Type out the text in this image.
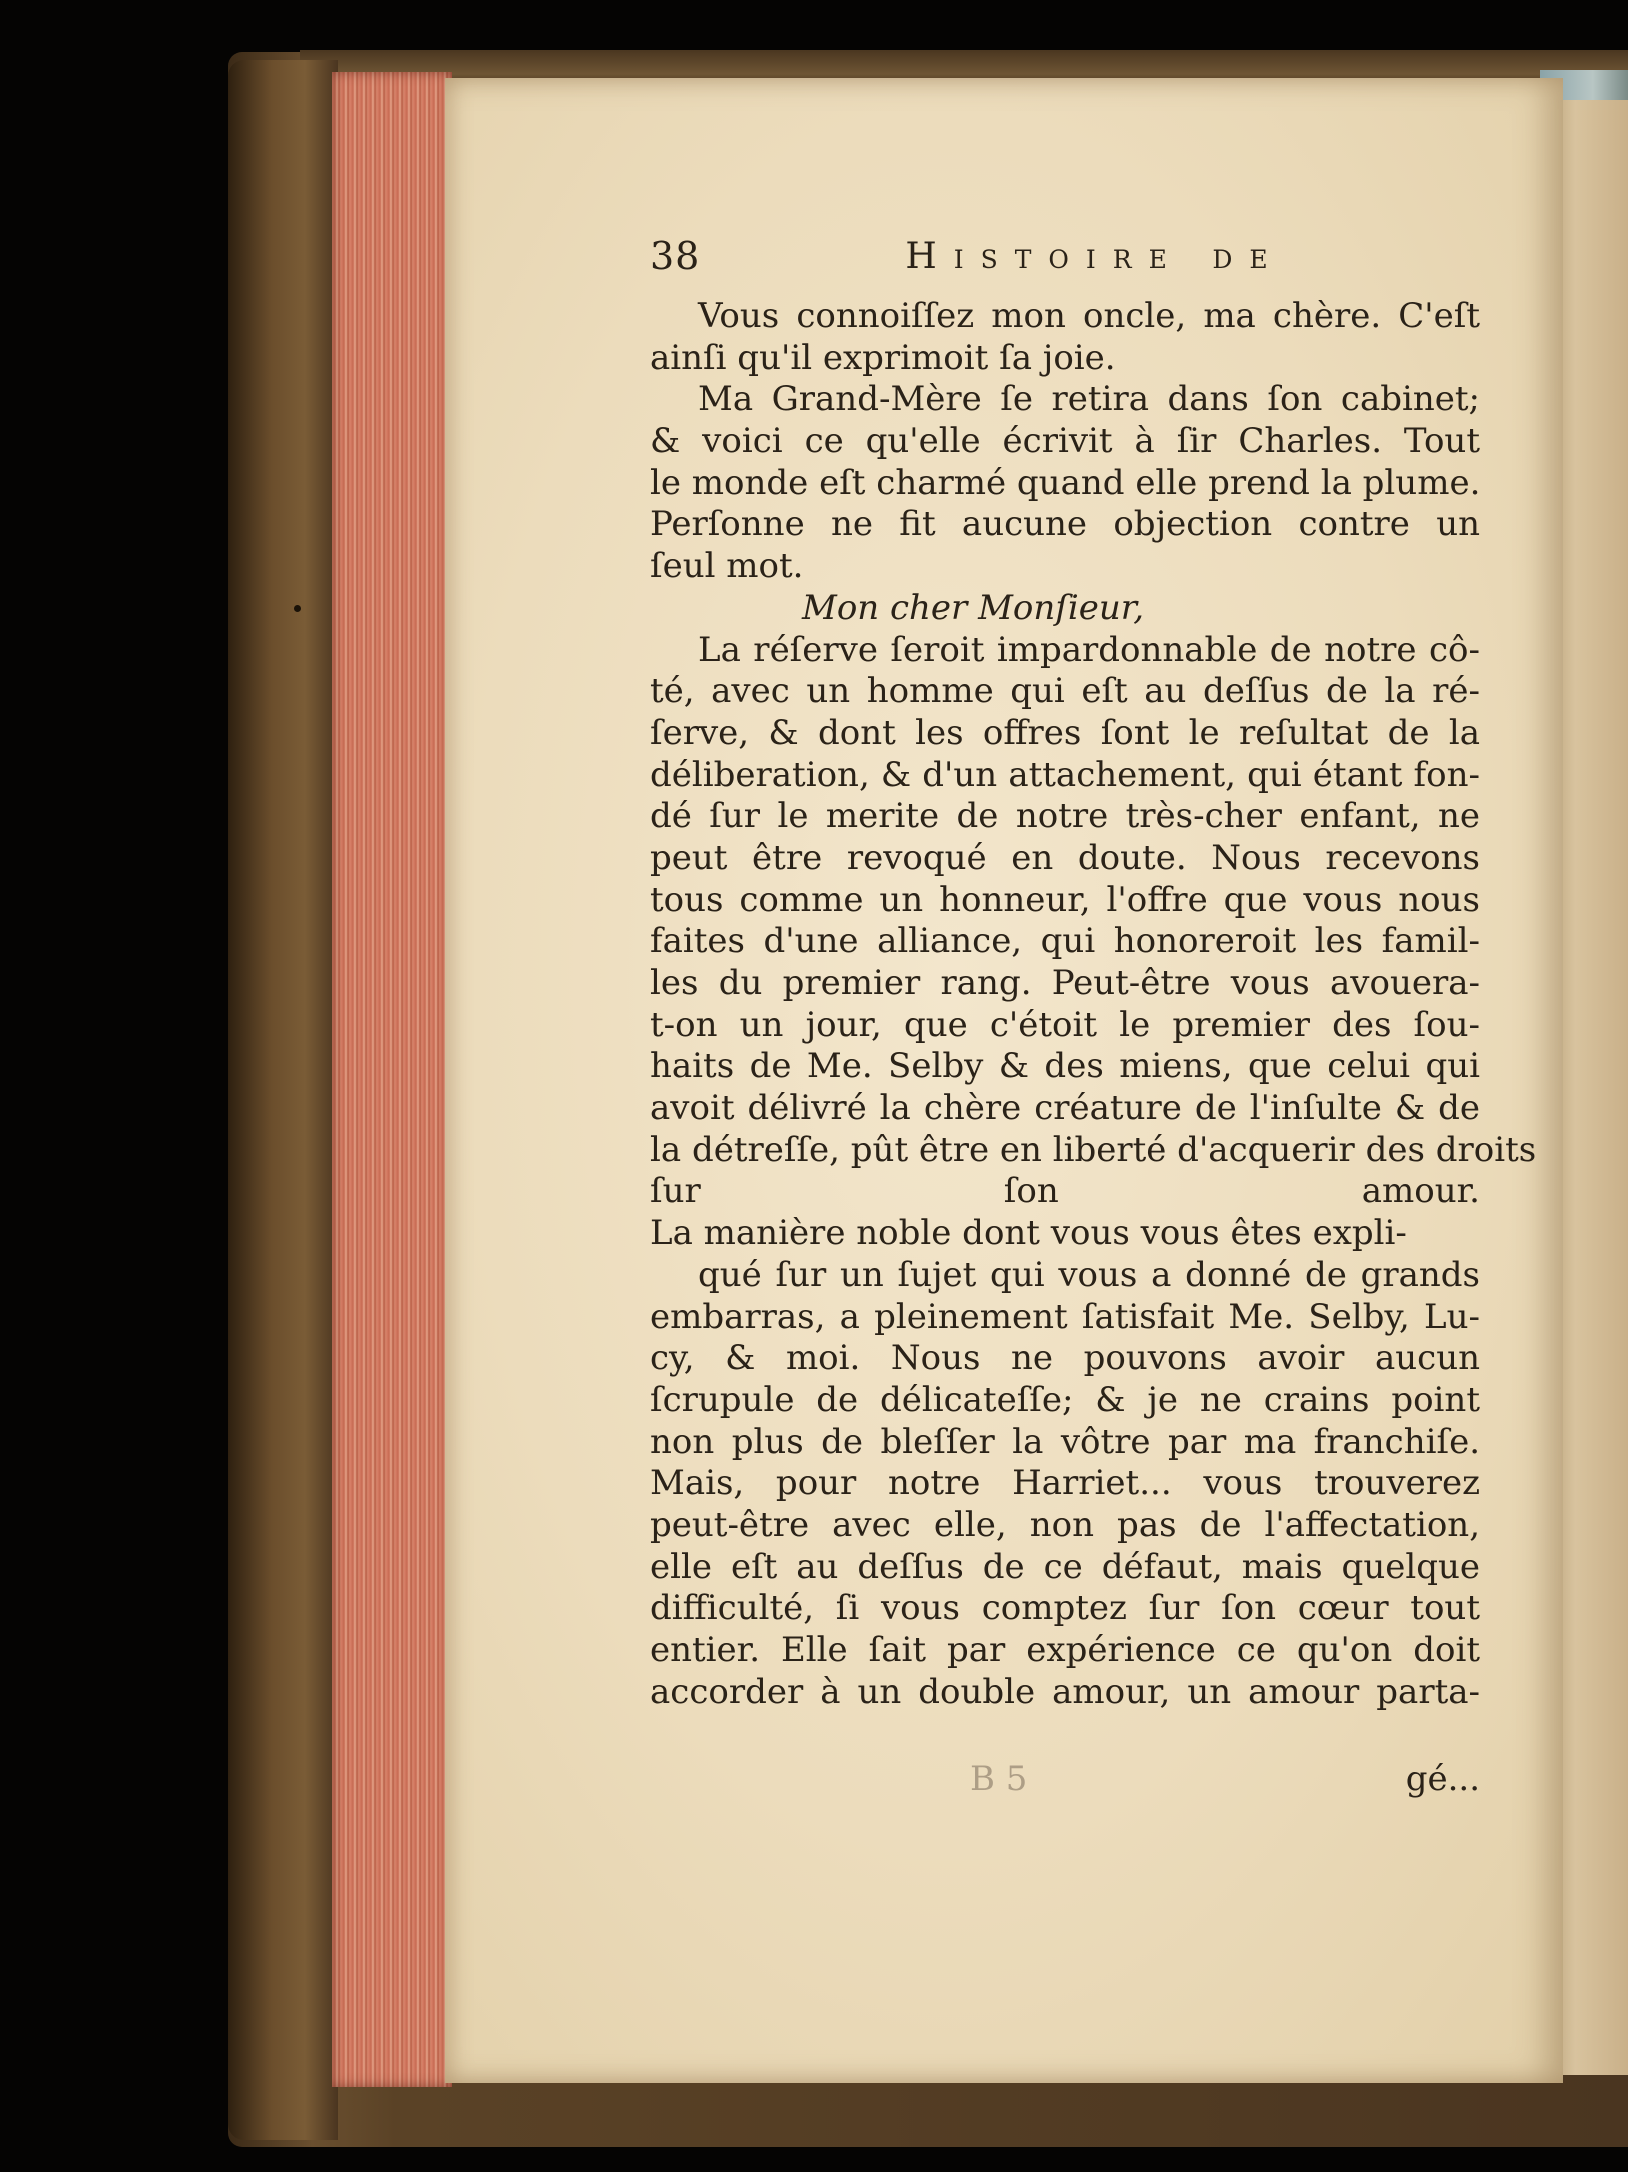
38	Histoire de
Vous connoiſſez mon oncle, ma chère. C'eſt
ainſi qu'il exprimoit ſa joie.
Ma Grand-Mère ſe retira dans ſon cabinet;
& voici ce qu'elle écrivit à ſir Charles. Tout
le monde eſt charmé quand elle prend la plume.
Perſonne ne fit aucune objection contre un
ſeul mot.
Mon cher Monſieur,
La réſerve ſeroit impardonnable de notre cô-
té, avec un homme qui eſt au deſſus de la ré-
ſerve, & dont les offres ſont le reſultat de la
déliberation, & d'un attachement, qui étant fon-
dé ſur le merite de notre très-cher enfant, ne
peut être revoqué en doute. Nous recevons
tous comme un honneur, l'offre que vous nous
faites d'une alliance, qui honoreroit les famil-
les du premier rang. Peut-être vous avouera-
t-on un jour, que c'étoit le premier des ſou-
haits de Me. Selby & des miens, que celui qui
avoit délivré la chère créature de l'inſulte & de
la détreſſe, pût être en liberté d'acquerir des droits
ſur ſon amour.
La manière noble dont vous vous êtes expli-
qué ſur un ſujet qui vous a donné de grands
embarras, a pleinement ſatisfait Me. Selby, Lu-
cy, & moi. Nous ne pouvons avoir aucun
ſcrupule de délicateſſe; & je ne crains point
non plus de bleſſer la vôtre par ma franchiſe.
Mais, pour notre Harriet... vous trouverez
peut-être avec elle, non pas de l'affectation,
elle eſt au deſſus de ce défaut, mais quelque
difficulté, ſi vous comptez ſur ſon cœur tout
entier. Elle ſait par expérience ce qu'on doit
accorder à un double amour, un amour parta-
B 5	gé...
